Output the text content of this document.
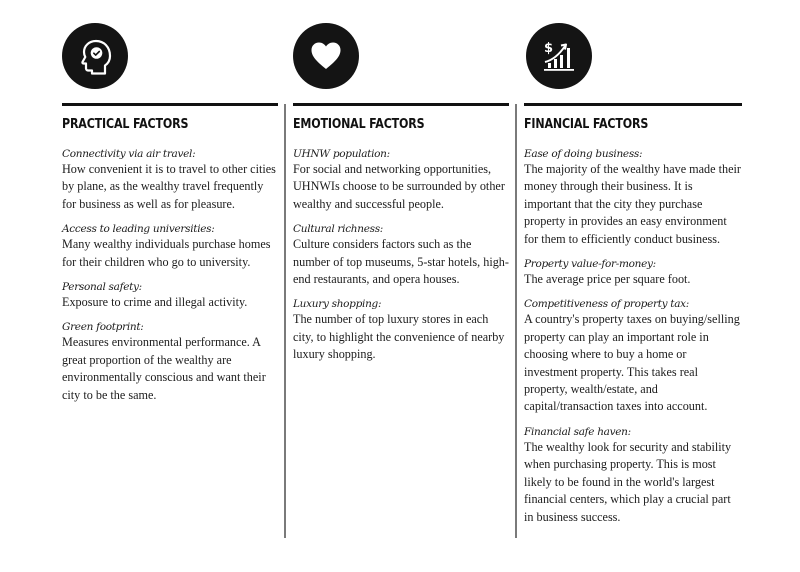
PRACTICAL FACTORS
Connectivity via air travel:
How convenient it is to travel to other cities by plane, as the wealthy travel frequently for business as well as for pleasure.
Access to leading universities:
Many wealthy individuals purchase homes for their children who go to university.
Personal safety:
Exposure to crime and illegal activity.
Green footprint:
Measures environmental performance. A great proportion of the wealthy are environmentally conscious and want their city to be the same.
EMOTIONAL FACTORS
UHNW population:
For social and networking opportunities, UHNWIs choose to be surrounded by other wealthy and successful people.
Cultural richness:
Culture considers factors such as the number of top museums, 5-star hotels, high-end restaurants, and opera houses.
Luxury shopping:
The number of top luxury stores in each city, to highlight the convenience of nearby luxury shopping.
$
FINANCIAL FACTORS
Ease of doing business:
The majority of the wealthy have made their money through their business. It is important that the city they purchase property in provides an easy environment for them to efficiently conduct business.
Property value-for-money:
The average price per square foot.
Competitiveness of property tax:
A country's property taxes on buying/selling property can play an important role in choosing where to buy a home or investment property. This takes real property, wealth/estate, and capital/transaction taxes into account.
Financial safe haven:
The wealthy look for security and stability when purchasing property. This is most likely to be found in the world's largest financial centers, which play a crucial part in business success.
